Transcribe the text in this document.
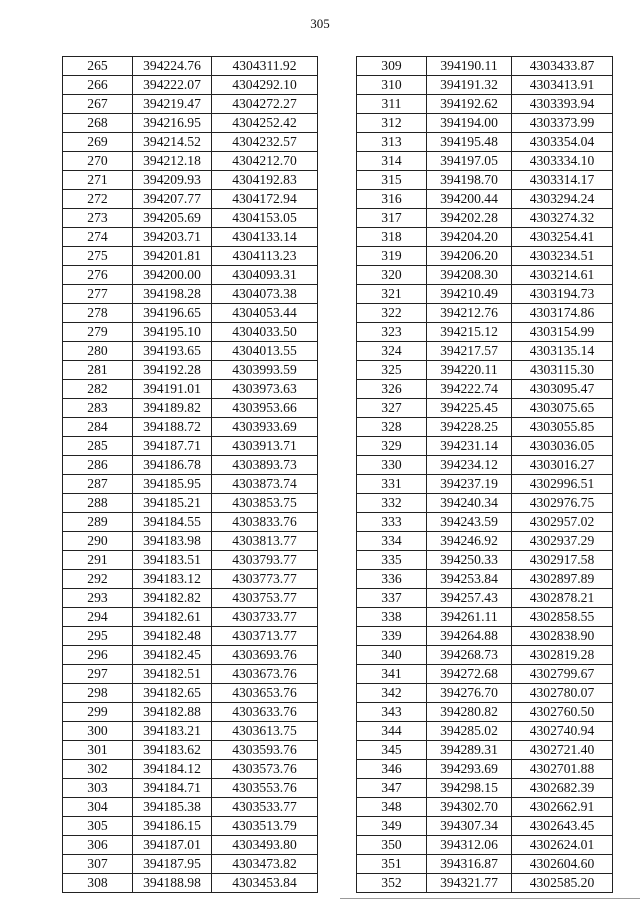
305
265	394224.76	4304311.92
266	394222.07	4304292.10
267	394219.47	4304272.27
268	394216.95	4304252.42
269	394214.52	4304232.57
270	394212.18	4304212.70
271	394209.93	4304192.83
272	394207.77	4304172.94
273	394205.69	4304153.05
274	394203.71	4304133.14
275	394201.81	4304113.23
276	394200.00	4304093.31
277	394198.28	4304073.38
278	394196.65	4304053.44
279	394195.10	4304033.50
280	394193.65	4304013.55
281	394192.28	4303993.59
282	394191.01	4303973.63
283	394189.82	4303953.66
284	394188.72	4303933.69
285	394187.71	4303913.71
286	394186.78	4303893.73
287	394185.95	4303873.74
288	394185.21	4303853.75
289	394184.55	4303833.76
290	394183.98	4303813.77
291	394183.51	4303793.77
292	394183.12	4303773.77
293	394182.82	4303753.77
294	394182.61	4303733.77
295	394182.48	4303713.77
296	394182.45	4303693.76
297	394182.51	4303673.76
298	394182.65	4303653.76
299	394182.88	4303633.76
300	394183.21	4303613.75
301	394183.62	4303593.76
302	394184.12	4303573.76
303	394184.71	4303553.76
304	394185.38	4303533.77
305	394186.15	4303513.79
306	394187.01	4303493.80
307	394187.95	4303473.82
308	394188.98	4303453.84
309	394190.11	4303433.87
310	394191.32	4303413.91
311	394192.62	4303393.94
312	394194.00	4303373.99
313	394195.48	4303354.04
314	394197.05	4303334.10
315	394198.70	4303314.17
316	394200.44	4303294.24
317	394202.28	4303274.32
318	394204.20	4303254.41
319	394206.20	4303234.51
320	394208.30	4303214.61
321	394210.49	4303194.73
322	394212.76	4303174.86
323	394215.12	4303154.99
324	394217.57	4303135.14
325	394220.11	4303115.30
326	394222.74	4303095.47
327	394225.45	4303075.65
328	394228.25	4303055.85
329	394231.14	4303036.05
330	394234.12	4303016.27
331	394237.19	4302996.51
332	394240.34	4302976.75
333	394243.59	4302957.02
334	394246.92	4302937.29
335	394250.33	4302917.58
336	394253.84	4302897.89
337	394257.43	4302878.21
338	394261.11	4302858.55
339	394264.88	4302838.90
340	394268.73	4302819.28
341	394272.68	4302799.67
342	394276.70	4302780.07
343	394280.82	4302760.50
344	394285.02	4302740.94
345	394289.31	4302721.40
346	394293.69	4302701.88
347	394298.15	4302682.39
348	394302.70	4302662.91
349	394307.34	4302643.45
350	394312.06	4302624.01
351	394316.87	4302604.60
352	394321.77	4302585.20
